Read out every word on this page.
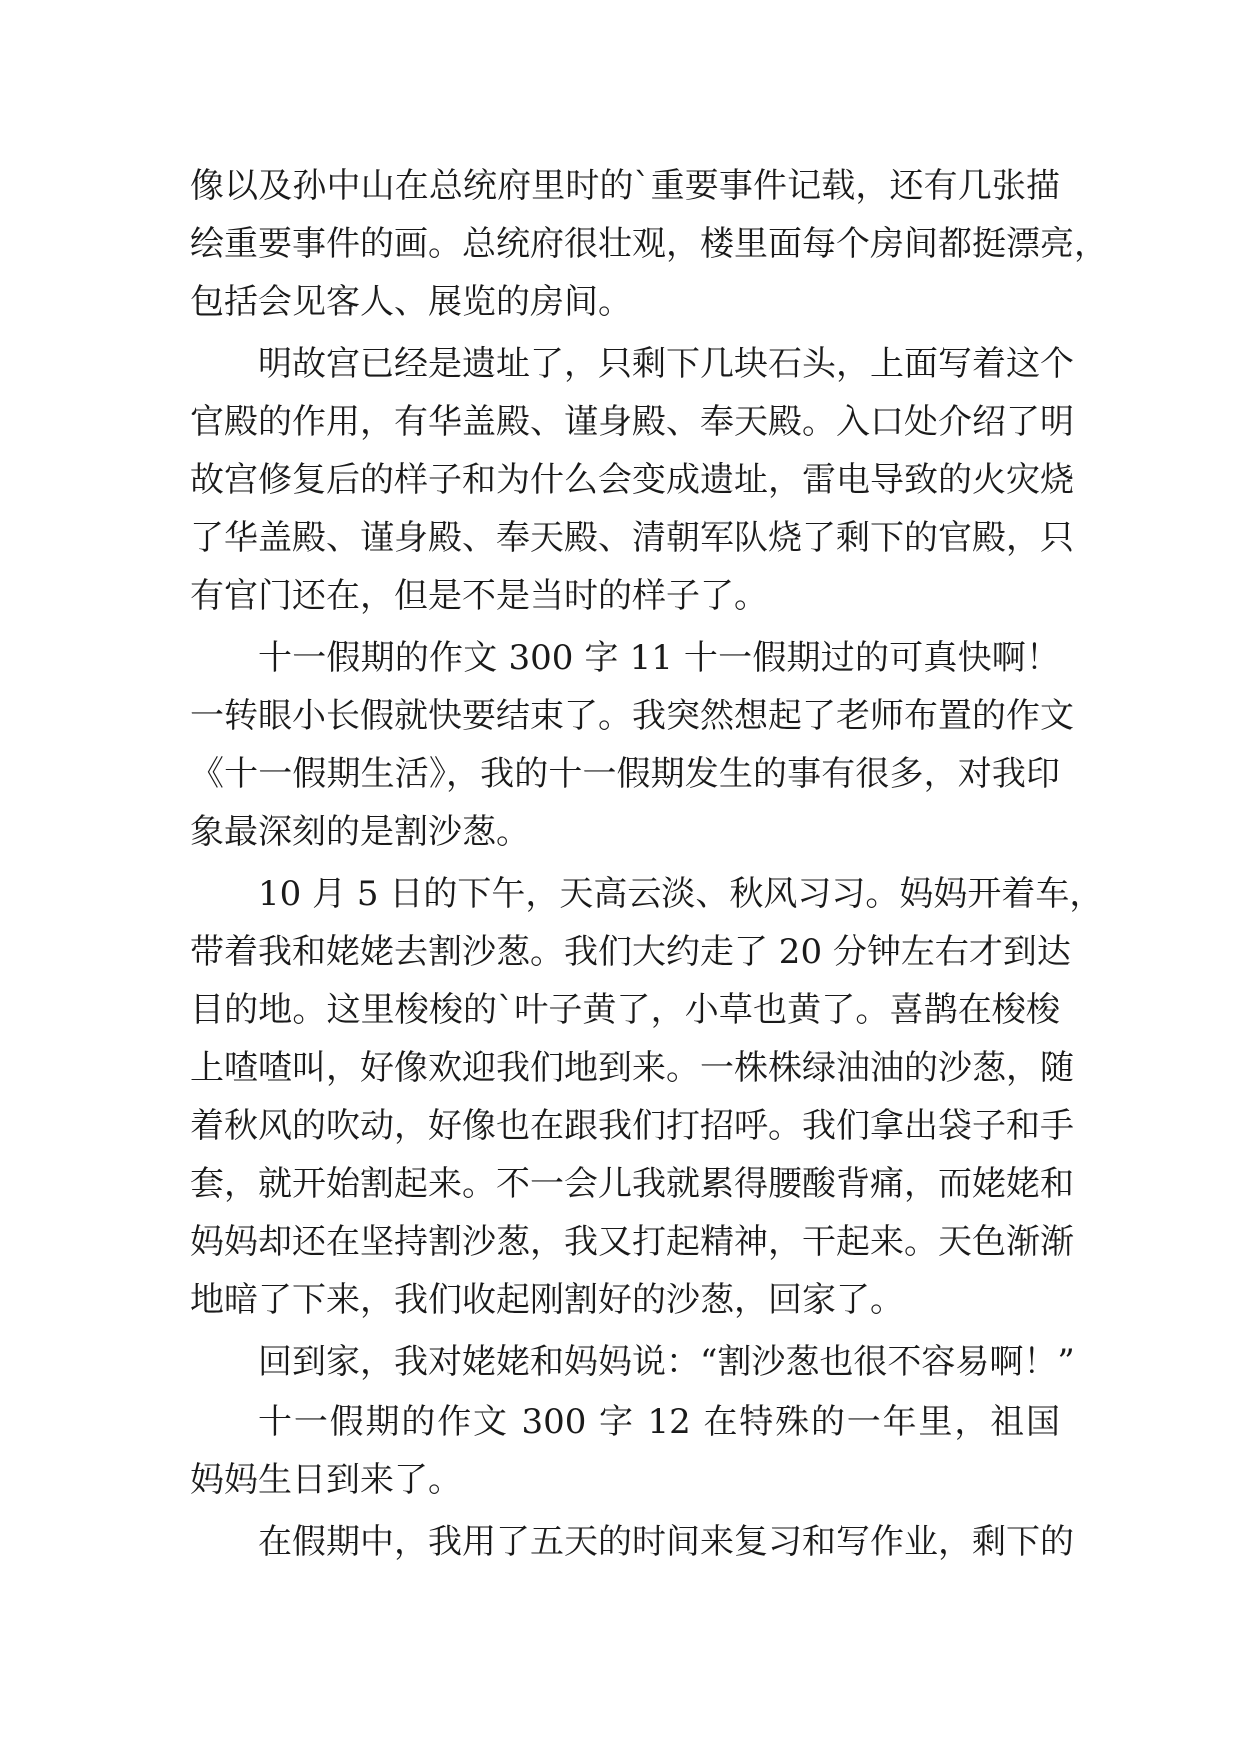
像以及孙中山在总统府里时的`重要事件记载，还有几张描
绘重要事件的画。总统府很壮观，楼里面每个房间都挺漂亮，
包括会见客人、展览的房间。
明故宫已经是遗址了，只剩下几块石头，上面写着这个
官殿的作用，有华盖殿、谨身殿、奉天殿。入口处介绍了明
故宫修复后的样子和为什么会变成遗址，雷电导致的火灾烧
了华盖殿、谨身殿、奉天殿、清朝军队烧了剩下的官殿，只
有官门还在，但是不是当时的样子了。
十一假期的作文 300 字 11 十一假期过的可真快啊！
一转眼小长假就快要结束了。我突然想起了老师布置的作文
《十一假期生活》，我的十一假期发生的事有很多，对我印
象最深刻的是割沙葱。
10 月 5 日的下午，天高云淡、秋风习习。妈妈开着车，
带着我和姥姥去割沙葱。我们大约走了 20 分钟左右才到达
目的地。这里梭梭的`叶子黄了，小草也黄了。喜鹊在梭梭
上喳喳叫，好像欢迎我们地到来。一株株绿油油的沙葱，随
着秋风的吹动，好像也在跟我们打招呼。我们拿出袋子和手
套，就开始割起来。不一会儿我就累得腰酸背痛，而姥姥和
妈妈却还在坚持割沙葱，我又打起精神，干起来。天色渐渐
地暗了下来，我们收起刚割好的沙葱，回家了。
回到家，我对姥姥和妈妈说：“割沙葱也很不容易啊！”
十一假期的作文 300 字 12 在特殊的一年里，祖国
妈妈生日到来了。
在假期中，我用了五天的时间来复习和写作业，剩下的
